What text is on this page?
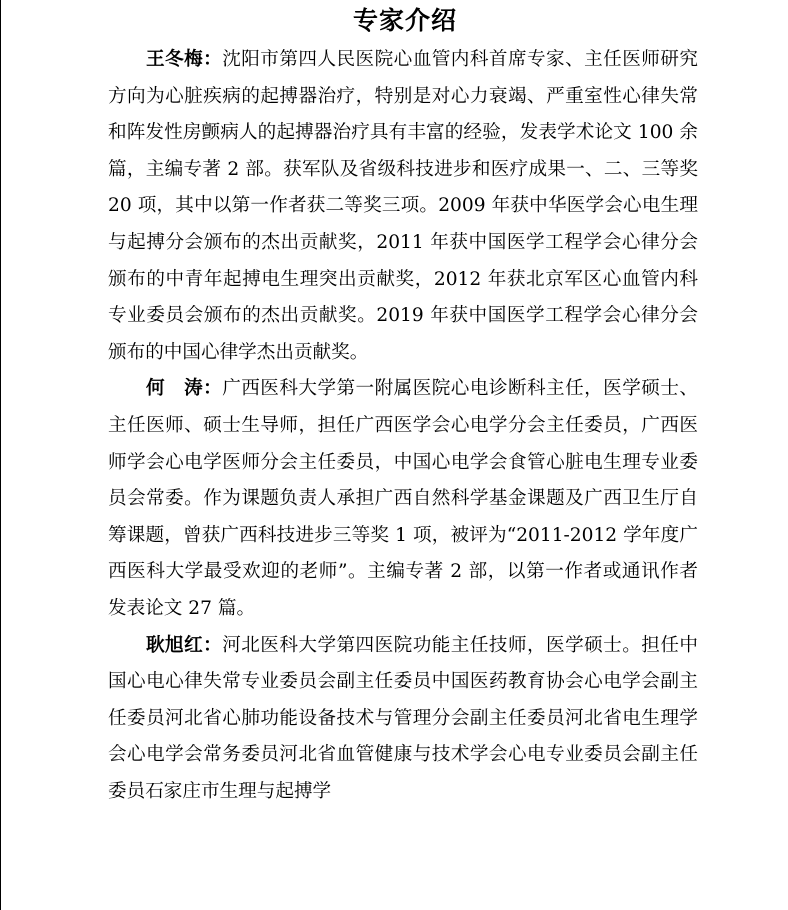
专家介绍

王冬梅：沈阳市第四人民医院心血管内科首席专家、主任医师研究方向为心脏疾病的起搏器治疗，特别是对心力衰竭、严重室性心律失常和阵发性房颤病人的起搏器治疗具有丰富的经验，发表学术论文 100 余篇，主编专著 2 部。获军队及省级科技进步和医疗成果一、二、三等奖 20 项，其中以第一作者获二等奖三项。2009 年获中华医学会心电生理与起搏分会颁布的杰出贡献奖，2011 年获中国医学工程学会心律分会颁布的中青年起搏电生理突出贡献奖，2012 年获北京军区心血管内科专业委员会颁布的杰出贡献奖。2019 年获中国医学工程学会心律分会颁布的中国心律学杰出贡献奖。

何　涛：广西医科大学第一附属医院心电诊断科主任，医学硕士、主任医师、硕士生导师，担任广西医学会心电学分会主任委员，广西医师学会心电学医师分会主任委员，中国心电学会食管心脏电生理专业委员会常委。作为课题负责人承担广西自然科学基金课题及广西卫生厅自筹课题，曾获广西科技进步三等奖 1 项，被评为“2011-2012 学年度广西医科大学最受欢迎的老师”。主编专著 2 部，以第一作者或通讯作者发表论文 27 篇。

耿旭红：河北医科大学第四医院功能主任技师，医学硕士。担任中国心电心律失常专业委员会副主任委员中国医药教育协会心电学会副主任委员河北省心肺功能设备技术与管理分会副主任委员河北省电生理学会心电学会常务委员河北省血管健康与技术学会心电专业委员会副主任委员石家庄市生理与起搏学
